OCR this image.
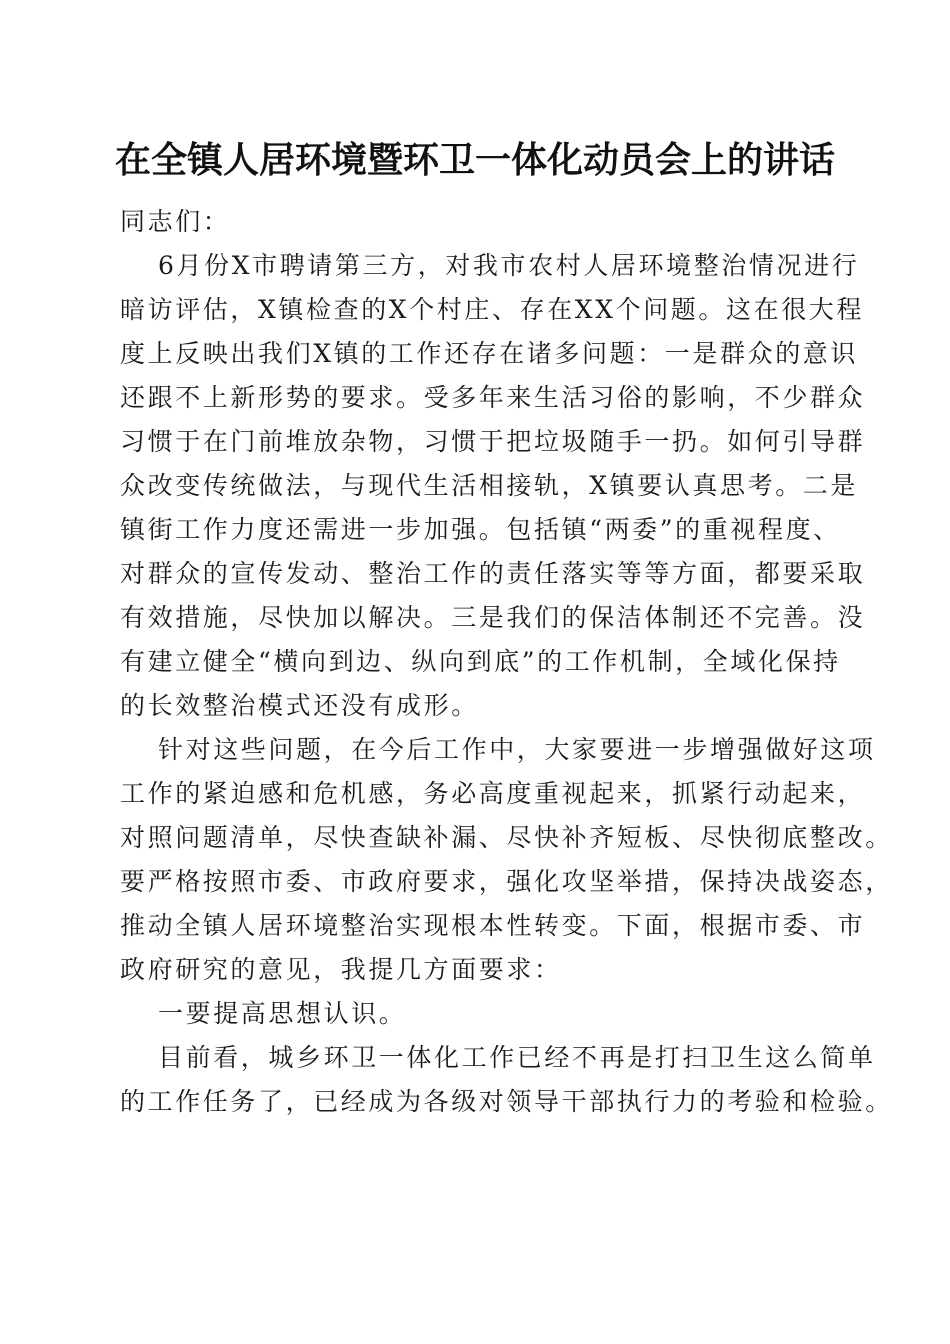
在全镇人居环境暨环卫一体化动员会上的讲话
同志们：
6月份X市聘请第三方，对我市农村人居环境整治情况进行
暗访评估，X镇检查的X个村庄、存在XX个问题。这在很大程
度上反映出我们X镇的工作还存在诸多问题：一是群众的意识
还跟不上新形势的要求。受多年来生活习俗的影响，不少群众
习惯于在门前堆放杂物，习惯于把垃圾随手一扔。如何引导群
众改变传统做法，与现代生活相接轨，X镇要认真思考。二是
镇街工作力度还需进一步加强。包括镇“两委”的重视程度、
对群众的宣传发动、整治工作的责任落实等等方面，都要采取
有效措施，尽快加以解决。三是我们的保洁体制还不完善。没
有建立健全“横向到边、纵向到底”的工作机制，全域化保持
的长效整治模式还没有成形。
针对这些问题，在今后工作中，大家要进一步增强做好这项
工作的紧迫感和危机感，务必高度重视起来，抓紧行动起来，
对照问题清单，尽快查缺补漏、尽快补齐短板、尽快彻底整改。
要严格按照市委、市政府要求，强化攻坚举措，保持决战姿态，
推动全镇人居环境整治实现根本性转变。下面，根据市委、市
政府研究的意见，我提几方面要求：
一要提高思想认识。
目前看，城乡环卫一体化工作已经不再是打扫卫生这么简单
的工作任务了，已经成为各级对领导干部执行力的考验和检验。
